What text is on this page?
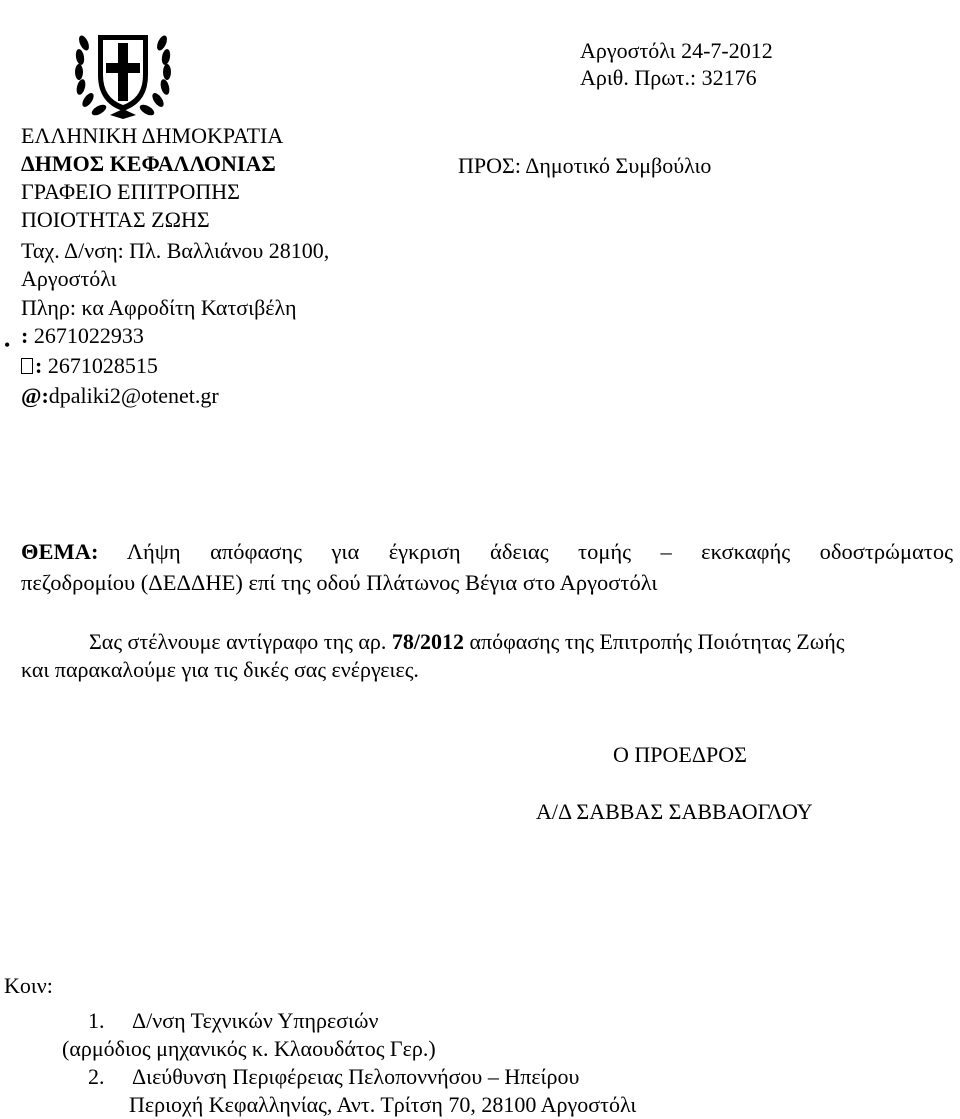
Αργοστόλι 24-7-2012
Αριθ. Πρωτ.: 32176
ΠΡΟΣ: Δημοτικό Συμβούλιο
ΕΛΛΗΝΙΚΗ ΔΗΜΟΚΡΑΤΙΑ
ΔΗΜΟΣ ΚΕΦΑΛΛΟΝΙΑΣ
ΓΡΑΦΕΙΟ ΕΠΙΤΡΟΠΗΣ
ΠΟΙΟΤΗΤΑΣ ΖΩΗΣ
Ταχ. Δ/νση: Πλ. Βαλλιάνου 28100,
Αργοστόλι
Πληρ: κα Αφροδίτη Κατσιβέλη
• : 2671022933
: 2671028515
@:dpaliki2@otenet.gr
ΘΕΜΑ: Λήψη απόφασης για έγκριση άδειας τομής – εκσκαφής οδοστρώματος
πεζοδρομίου (ΔΕΔΔΗΕ) επί της οδού Πλάτωνος Βέγια στο Αργοστόλι
Σας στέλνουμε αντίγραφο της αρ. 78/2012 απόφασης της Επιτροπής Ποιότητας Ζωής
και παρακαλούμε για τις δικές σας ενέργειες.
Ο ΠΡΟΕΔΡΟΣ
Α/Δ ΣΑΒΒΑΣ ΣΑΒΒΑΟΓΛΟΥ
Κοιν:
1. Δ/νση Τεχνικών Υπηρεσιών
(αρμόδιος μηχανικός κ. Κλαουδάτος Γερ.)
2. Διεύθυνση Περιφέρειας Πελοποννήσου – Ηπείρου
Περιοχή Κεφαλληνίας, Αντ. Τρίτση 70, 28100 Αργοστόλι
